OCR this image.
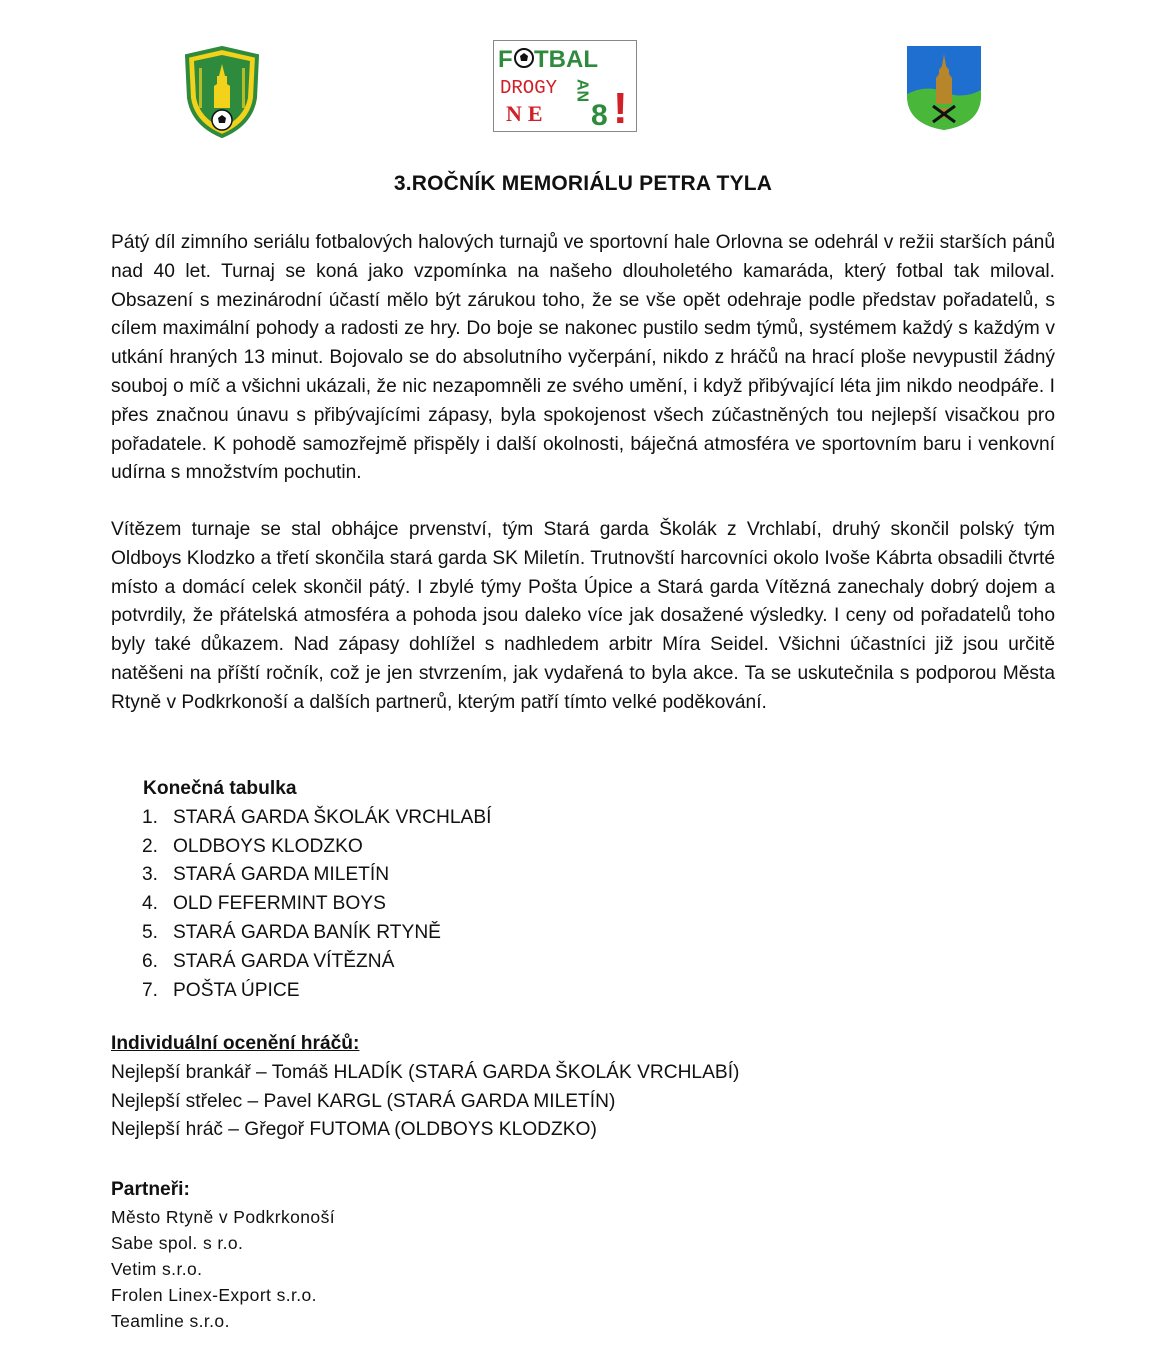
F TBAL
DROGY
NE
AN
8 !
3.ROČNÍK MEMORIÁLU PETRA TYLA
Pátý díl zimního seriálu fotbalových halových turnajů ve sportovní hale Orlovna se odehrál v režii starších pánů nad 40 let. Turnaj se koná jako vzpomínka na našeho dlouholetého kamaráda, který fotbal tak miloval. Obsazení s mezinárodní účastí mělo být zárukou toho, že se vše opět odehraje podle představ pořadatelů, s cílem maximální pohody a radosti ze hry. Do boje se nakonec pustilo sedm týmů, systémem každý s každým v utkání hraných 13 minut. Bojovalo se do absolutního vyčerpání, nikdo z hráčů na hrací ploše nevypustil žádný souboj o míč a všichni ukázali, že nic nezapomněli ze svého umění, i když přibývající léta jim nikdo neodpáře. I přes značnou únavu s přibývajícími zápasy, byla spokojenost všech zúčastněných tou nejlepší visačkou pro pořadatele. K pohodě samozřejmě přispěly i další okolnosti, báječná atmosféra ve sportovním baru i venkovní udírna s množstvím pochutin.
Vítězem turnaje se stal obhájce prvenství, tým Stará garda Školák z Vrchlabí, druhý skončil polský tým Oldboys Klodzko a třetí skončila stará garda SK Miletín. Trutnovští harcovníci okolo Ivoše Kábrta obsadili čtvrté místo a domácí celek skončil pátý. I zbylé týmy Pošta Úpice a Stará garda Vítězná zanechaly dobrý dojem a potvrdily, že přátelská atmosféra a pohoda jsou daleko více jak dosažené výsledky. I ceny od pořadatelů toho byly také důkazem. Nad zápasy dohlížel s nadhledem arbitr Míra Seidel. Všichni účastníci již jsou určitě natěšeni na příští ročník, což je jen stvrzením, jak vydařená to byla akce. Ta se uskutečnila s podporou Města Rtyně v Podkrkonoší a dalších partnerů, kterým patří tímto velké poděkování.
Konečná tabulka
1. STARÁ GARDA ŠKOLÁK VRCHLABÍ
2. OLDBOYS KLODZKO
3. STARÁ GARDA MILETÍN
4. OLD FEFERMINT BOYS
5. STARÁ GARDA BANÍK RTYNĚ
6. STARÁ GARDA VÍTĚZNÁ
7. POŠTA ÚPICE
Individuální ocenění hráčů:
Nejlepší brankář – Tomáš HLADÍK (STARÁ GARDA ŠKOLÁK VRCHLABÍ)
Nejlepší střelec – Pavel KARGL (STARÁ GARDA MILETÍN)
Nejlepší hráč – Gřegoř FUTOMA (OLDBOYS KLODZKO)
Partneři:
Město Rtyně v Podkrkonoší
Sabe spol. s r.o.
Vetim s.r.o.
Frolen Linex-Export s.r.o.
Teamline s.r.o.
